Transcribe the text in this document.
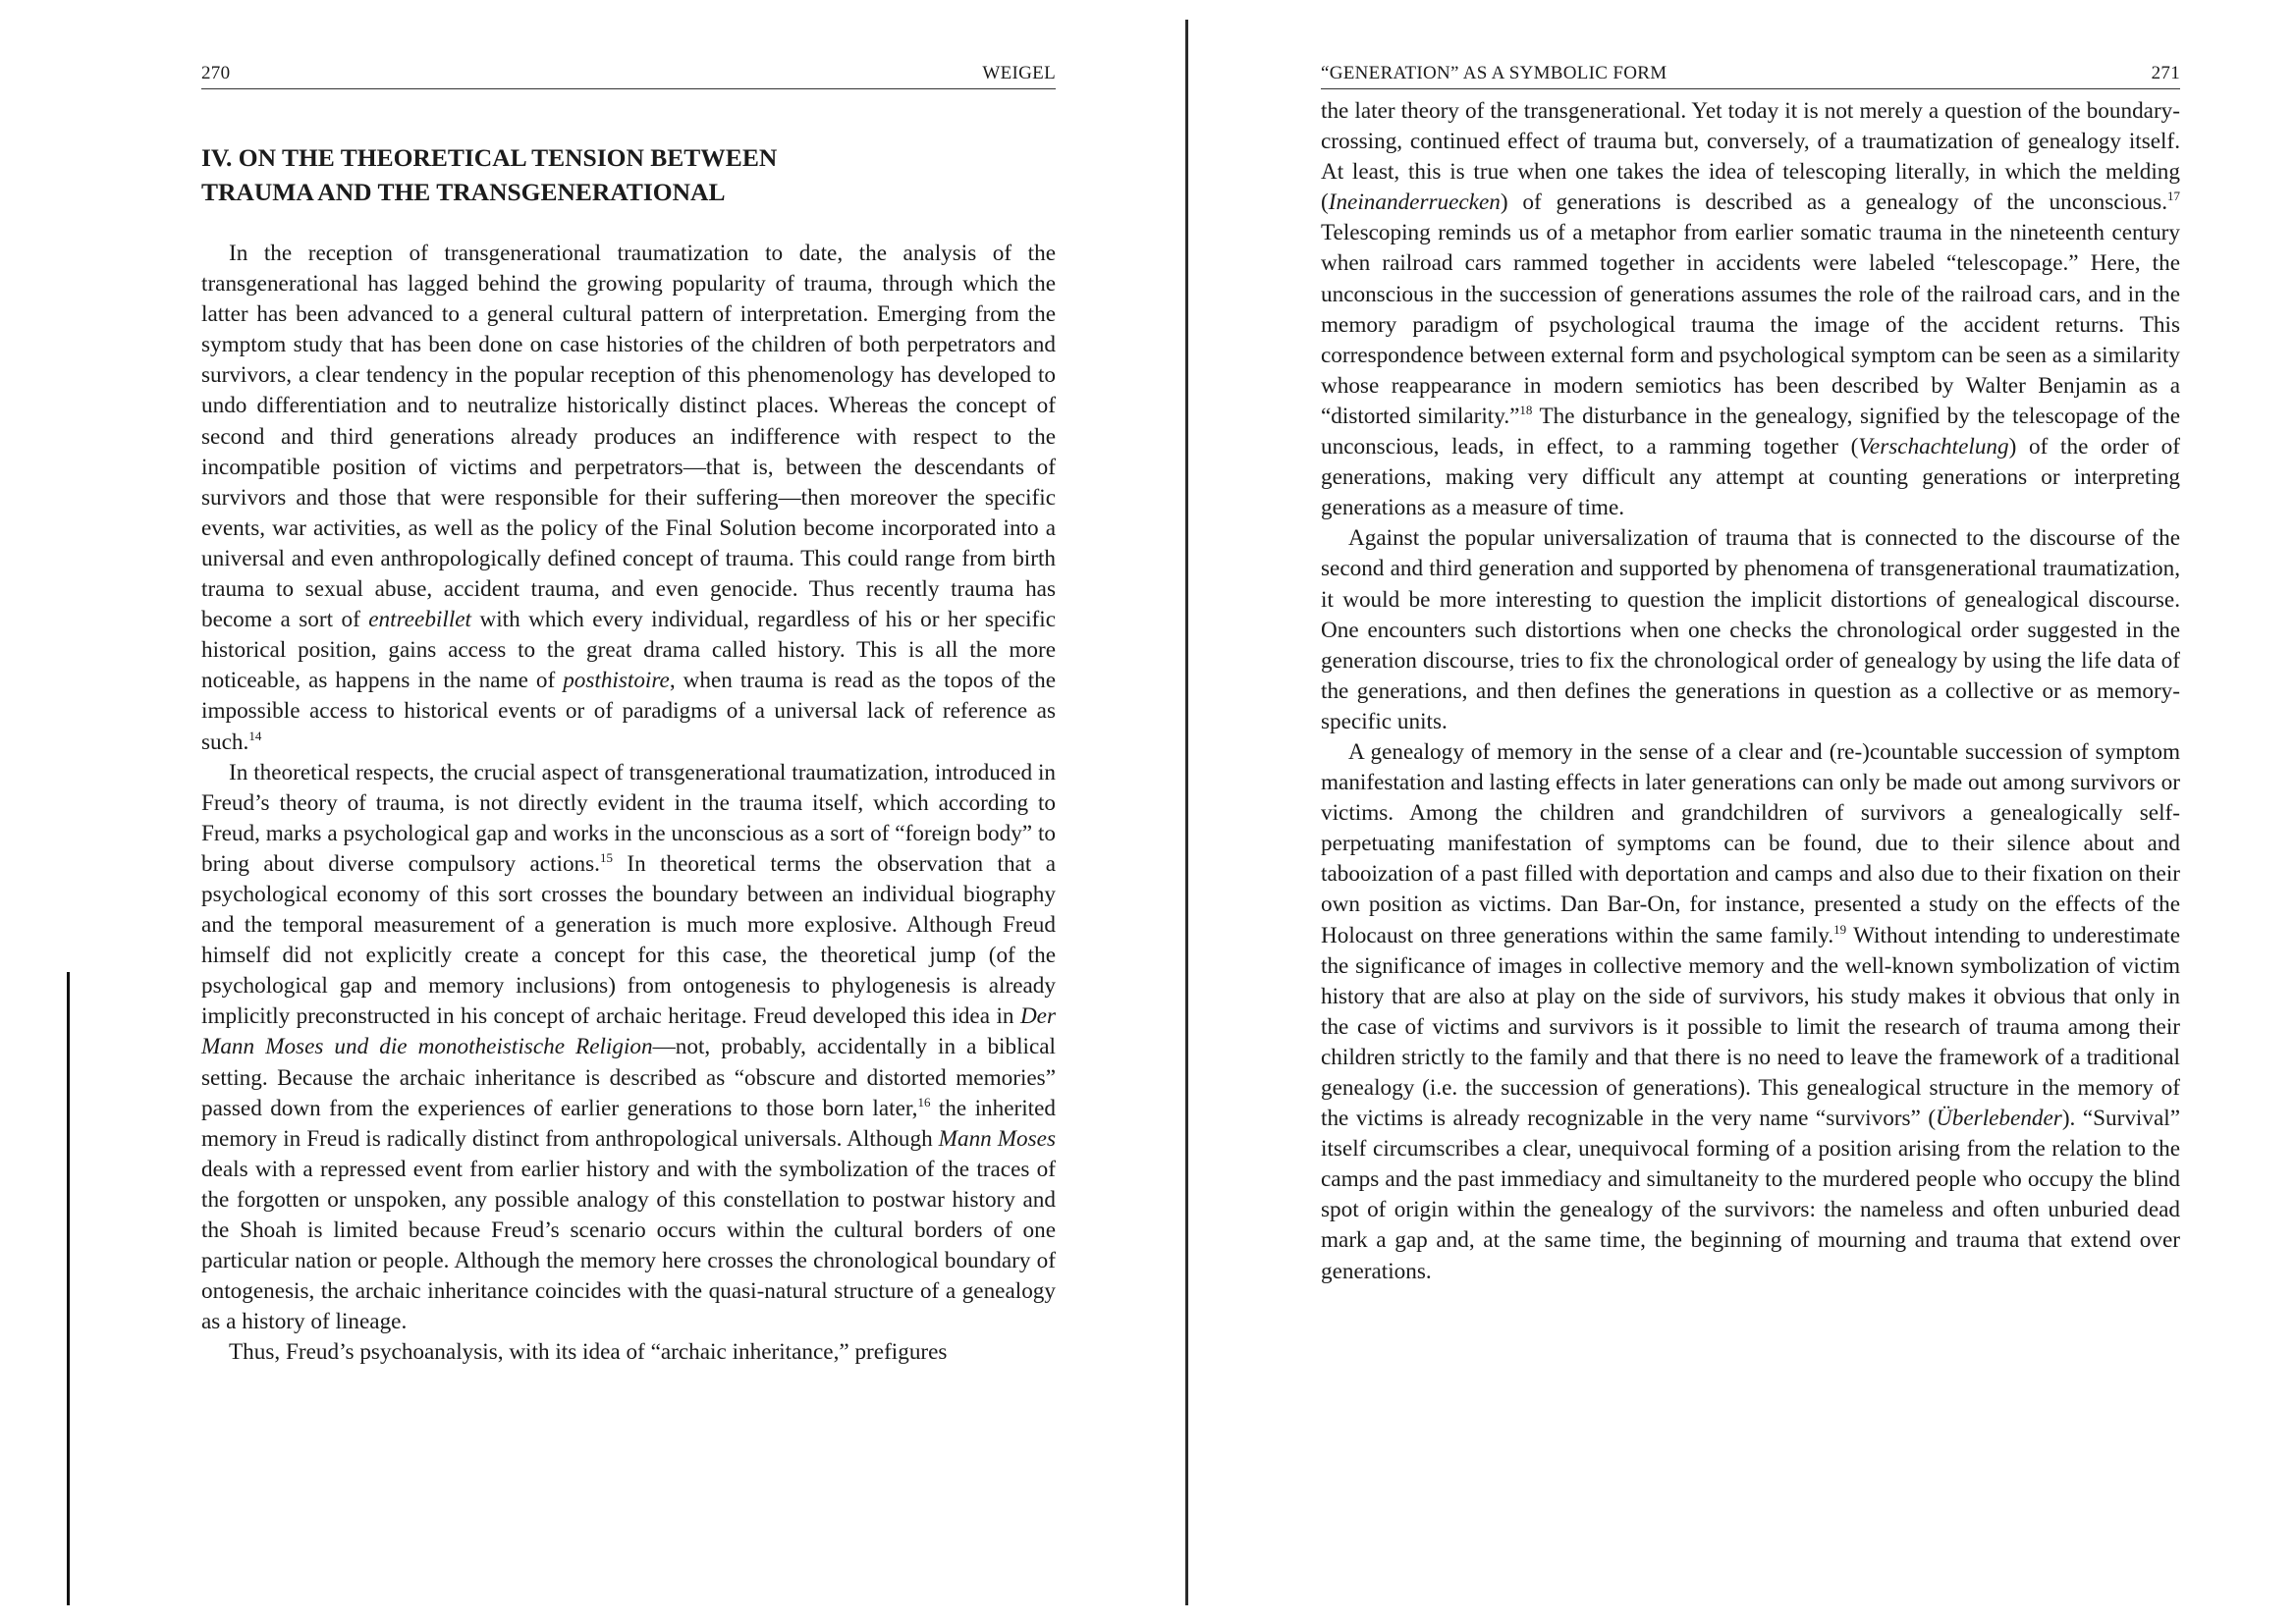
270	WEIGEL
IV. ON THE THEORETICAL TENSION BETWEEN
TRAUMA AND THE TRANSGENERATIONAL

In the reception of transgenerational traumatization to date, the analysis of the transgenerational has lagged behind the growing popularity of trauma, through which the latter has been advanced to a general cultural pattern of interpretation. Emerging from the symptom study that has been done on case histories of the children of both perpetrators and survivors, a clear tendency in the popular reception of this phenomenology has developed to undo differentiation and to neutralize historically distinct places. Whereas the concept of second and third generations already produces an indifference with respect to the incompatible position of victims and perpetrators—that is, between the descendants of survivors and those that were responsible for their suffering—then moreover the specific events, war activities, as well as the policy of the Final Solution become incorporated into a universal and even anthropologically defined concept of trauma. This could range from birth trauma to sexual abuse, accident trauma, and even genocide. Thus recently trauma has become a sort of entreebillet with which every individual, regardless of his or her specific historical position, gains access to the great drama called history. This is all the more noticeable, as happens in the name of posthistoire, when trauma is read as the topos of the impossible access to historical events or of paradigms of a universal lack of reference as such.$^{14}$

In theoretical respects, the crucial aspect of transgenerational traumatization, introduced in Freud’s theory of trauma, is not directly evident in the trauma itself, which according to Freud, marks a psychological gap and works in the unconscious as a sort of “foreign body” to bring about diverse compulsory actions.$^{15}$ In theoretical terms the observation that a psychological economy of this sort crosses the boundary between an individual biography and the temporal measurement of a generation is much more explosive. Although Freud himself did not explicitly create a concept for this case, the theoretical jump (of the psychological gap and memory inclusions) from ontogenesis to phylogenesis is already implicitly preconstructed in his concept of archaic heritage. Freud developed this idea in Der Mann Moses und die monotheistische Religion—not, probably, accidentally in a biblical setting. Because the archaic inheritance is described as “obscure and distorted memories” passed down from the experiences of earlier generations to those born later,$^{16}$ the inherited memory in Freud is radically distinct from anthropological universals. Although Mann Moses deals with a repressed event from earlier history and with the symbolization of the traces of the forgotten or unspoken, any possible analogy of this constellation to postwar history and the Shoah is limited because Freud’s scenario occurs within the cultural borders of one particular nation or people. Although the memory here crosses the chronological boundary of ontogenesis, the archaic inheritance coincides with the quasi-natural structure of a genealogy as a history of lineage.

Thus, Freud’s psychoanalysis, with its idea of “archaic inheritance,” prefigures

“GENERATION” AS A SYMBOLIC FORM	271

the later theory of the transgenerational. Yet today it is not merely a question of the boundary-crossing, continued effect of trauma but, conversely, of a traumatization of genealogy itself. At least, this is true when one takes the idea of telescoping literally, in which the melding (Ineinanderruecken) of generations is described as a genealogy of the unconscious.$^{17}$ Telescoping reminds us of a metaphor from earlier somatic trauma in the nineteenth century when railroad cars rammed together in accidents were labeled “telescopage.” Here, the unconscious in the succession of generations assumes the role of the railroad cars, and in the memory paradigm of psychological trauma the image of the accident returns. This correspondence between external form and psychological symptom can be seen as a similarity whose reappearance in modern semiotics has been described by Walter Benjamin as a “distorted similarity.”$^{18}$ The disturbance in the genealogy, signified by the telescopage of the unconscious, leads, in effect, to a ramming together (Verschachtelung) of the order of generations, making very difficult any attempt at counting generations or interpreting generations as a measure of time.

Against the popular universalization of trauma that is connected to the discourse of the second and third generation and supported by phenomena of transgenerational traumatization, it would be more interesting to question the implicit distortions of genealogical discourse. One encounters such distortions when one checks the chronological order suggested in the generation discourse, tries to fix the chronological order of genealogy by using the life data of the generations, and then defines the generations in question as a collective or as memory-specific units.

A genealogy of memory in the sense of a clear and (re-)countable succession of symptom manifestation and lasting effects in later generations can only be made out among survivors or victims. Among the children and grandchildren of survivors a genealogically self-perpetuating manifestation of symptoms can be found, due to their silence about and tabooization of a past filled with deportation and camps and also due to their fixation on their own position as victims. Dan Bar-On, for instance, presented a study on the effects of the Holocaust on three generations within the same family.$^{19}$ Without intending to underestimate the significance of images in collective memory and the well-known symbolization of victim history that are also at play on the side of survivors, his study makes it obvious that only in the case of victims and survivors is it possible to limit the research of trauma among their children strictly to the family and that there is no need to leave the framework of a traditional genealogy (i.e. the succession of generations). This genealogical structure in the memory of the victims is already recognizable in the very name “survivors” (Überlebender). “Survival” itself circumscribes a clear, unequivocal forming of a position arising from the relation to the camps and the past immediacy and simultaneity to the murdered people who occupy the blind spot of origin within the genealogy of the survivors: the nameless and often unburied dead mark a gap and, at the same time, the beginning of mourning and trauma that extend over generations.
